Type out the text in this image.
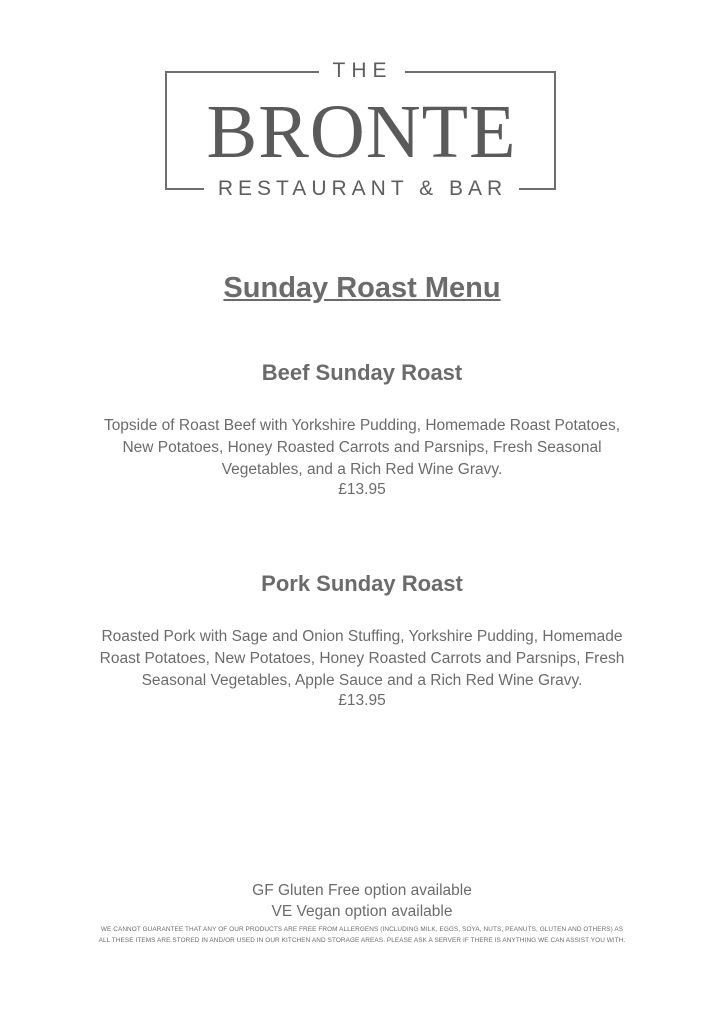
THE
BRONTE
RESTAURANT & BAR
Sunday Roast Menu
Beef Sunday Roast
Topside of Roast Beef with Yorkshire Pudding, Homemade Roast Potatoes,
New Potatoes, Honey Roasted Carrots and Parsnips, Fresh Seasonal
Vegetables, and a Rich Red Wine Gravy.
£13.95
Pork Sunday Roast
Roasted Pork with Sage and Onion Stuffing, Yorkshire Pudding, Homemade
Roast Potatoes, New Potatoes, Honey Roasted Carrots and Parsnips, Fresh
Seasonal Vegetables, Apple Sauce and a Rich Red Wine Gravy.
£13.95
GF Gluten Free option available
VE Vegan option available
WE CANNOT GUARANTEE THAT ANY OF OUR PRODUCTS ARE FREE FROM ALLERGENS (INCLUDING MILK, EGGS, SOYA, NUTS, PEANUTS, GLUTEN AND OTHERS) AS
ALL THESE ITEMS ARE STORED IN AND/OR USED IN OUR KITCHEN AND STORAGE AREAS. PLEASE ASK A SERVER IF THERE IS ANYTHING WE CAN ASSIST YOU WITH.
